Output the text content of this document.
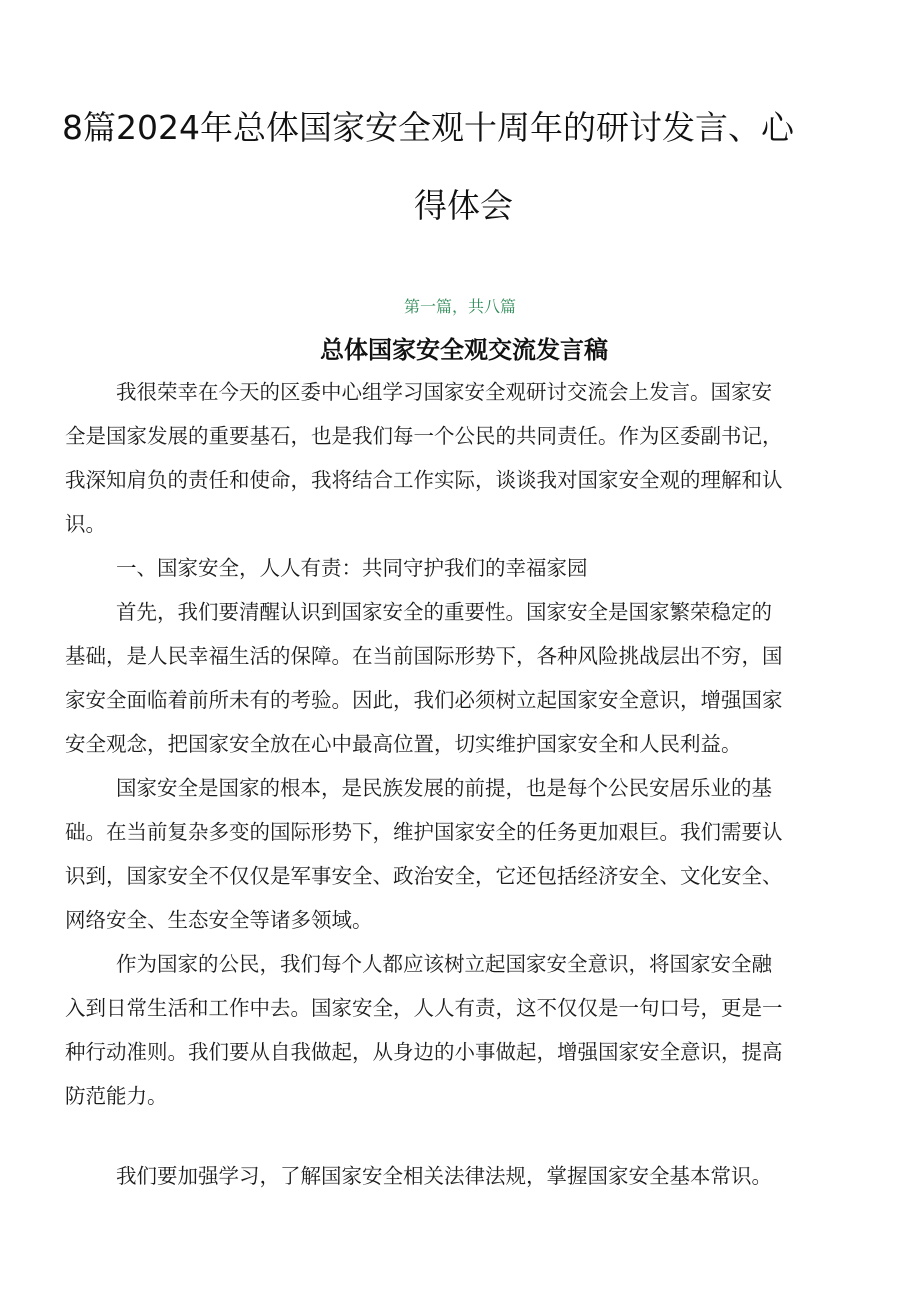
8篇2024年总体国家安全观十周年的研讨发言、心
得体会
第一篇，共八篇
总体国家安全观交流发言稿
我很荣幸在今天的区委中心组学习国家安全观研讨交流会上发言。国家安
全是国家发展的重要基石，也是我们每一个公民的共同责任。作为区委副书记，
我深知肩负的责任和使命，我将结合工作实际，谈谈我对国家安全观的理解和认
识。
一、国家安全，人人有责：共同守护我们的幸福家园
首先，我们要清醒认识到国家安全的重要性。国家安全是国家繁荣稳定的
基础，是人民幸福生活的保障。在当前国际形势下，各种风险挑战层出不穷，国
家安全面临着前所未有的考验。因此，我们必须树立起国家安全意识，增强国家
安全观念，把国家安全放在心中最高位置，切实维护国家安全和人民利益。
国家安全是国家的根本，是民族发展的前提，也是每个公民安居乐业的基
础。在当前复杂多变的国际形势下，维护国家安全的任务更加艰巨。我们需要认
识到，国家安全不仅仅是军事安全、政治安全，它还包括经济安全、文化安全、
网络安全、生态安全等诸多领域。
作为国家的公民，我们每个人都应该树立起国家安全意识，将国家安全融
入到日常生活和工作中去。国家安全，人人有责，这不仅仅是一句口号，更是一
种行动准则。我们要从自我做起，从身边的小事做起，增强国家安全意识，提高
防范能力。
我们要加强学习，了解国家安全相关法律法规，掌握国家安全基本常识。
